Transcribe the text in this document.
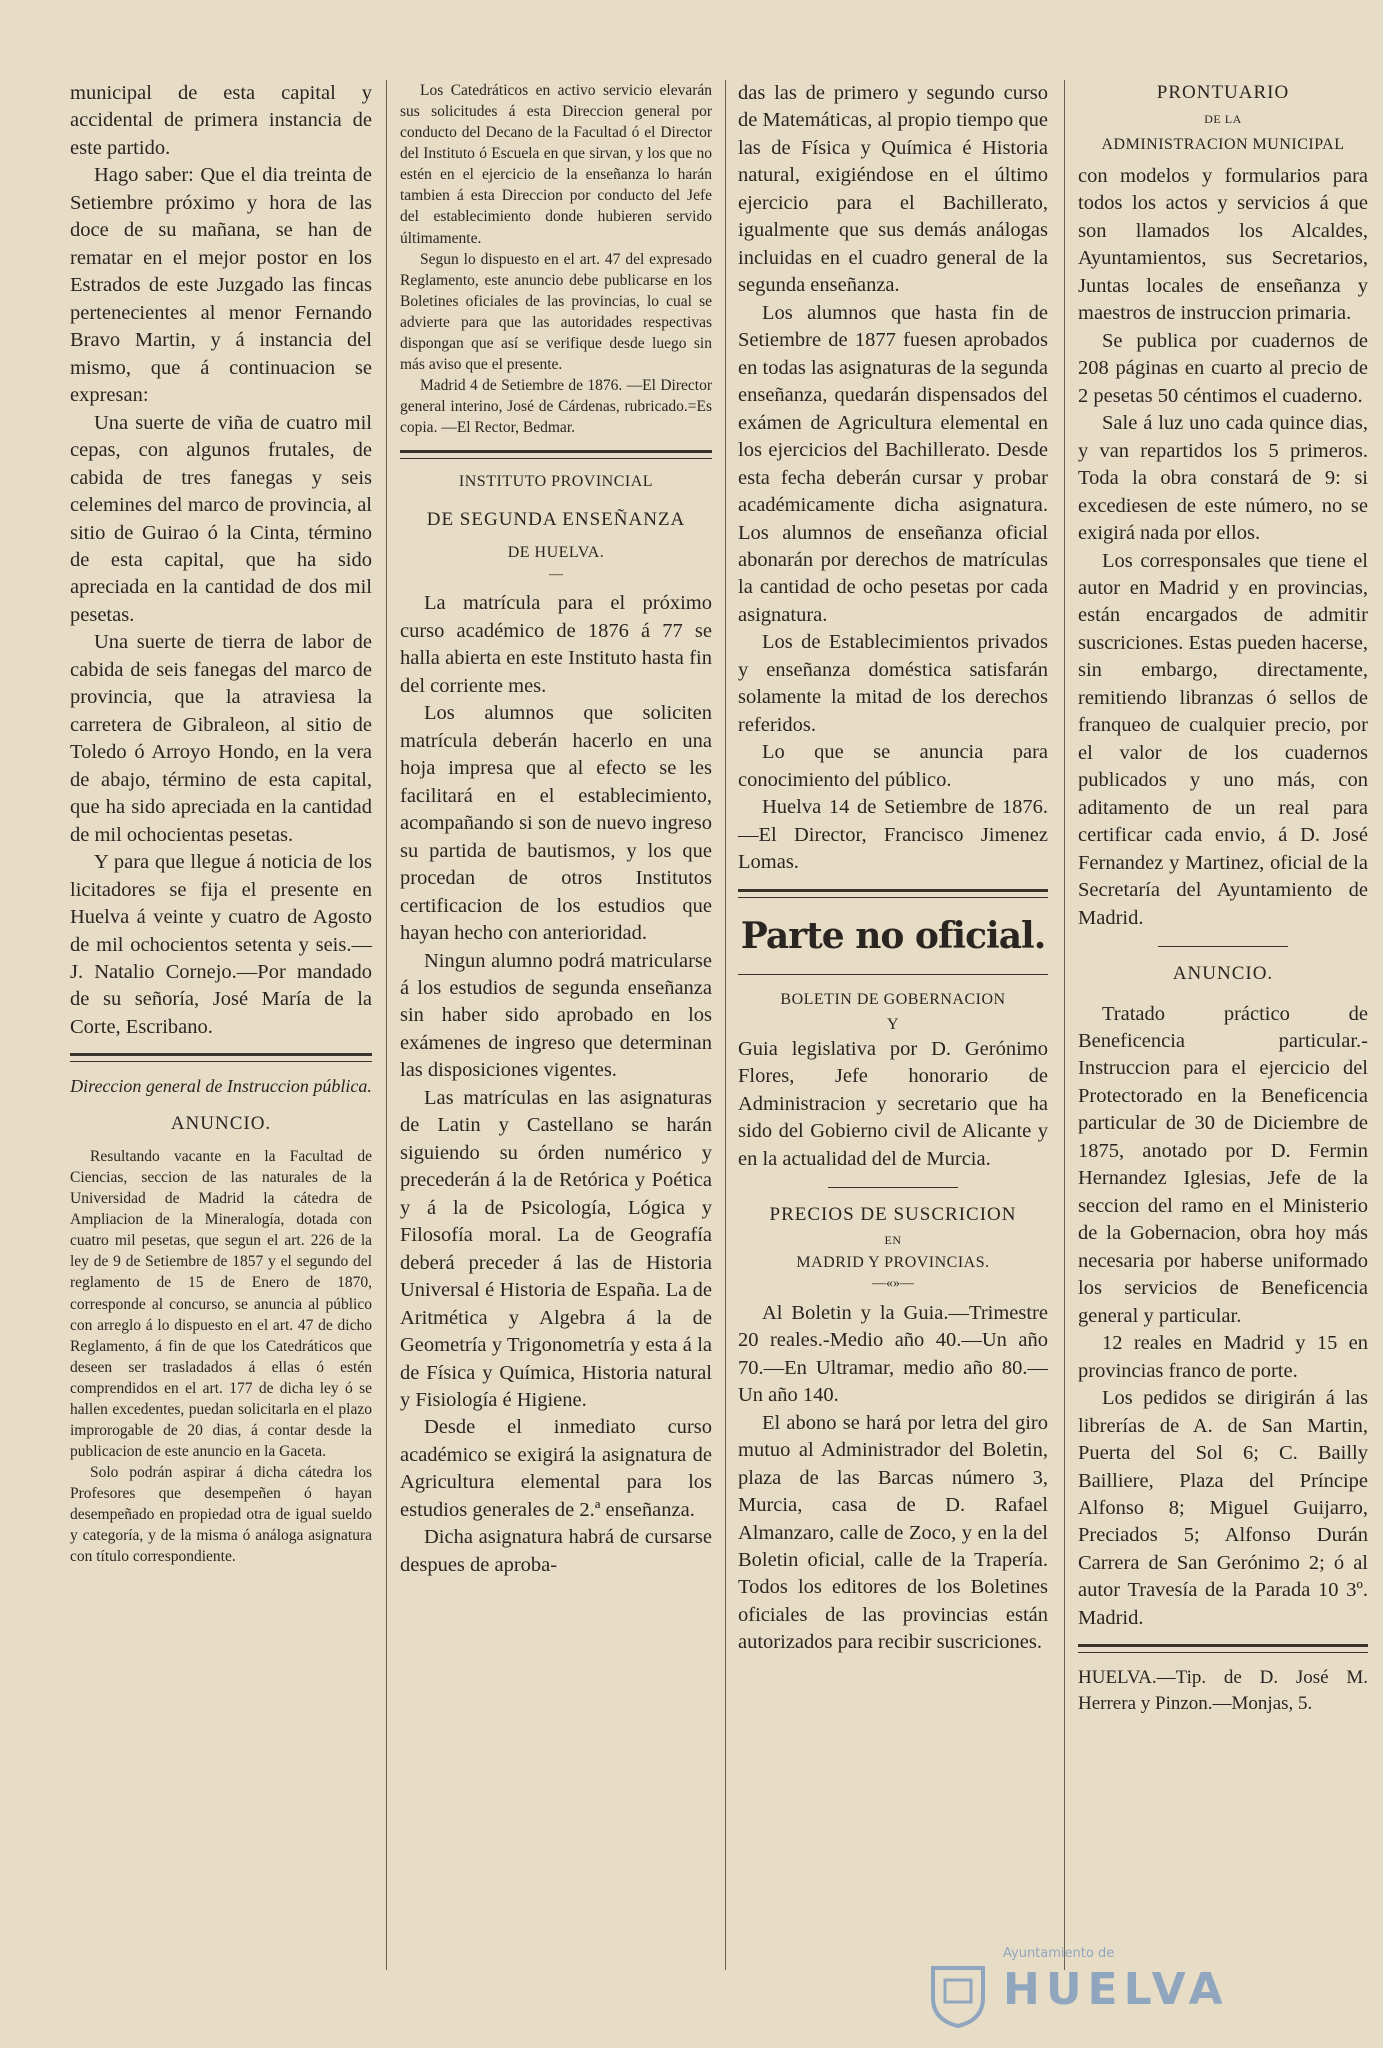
municipal de esta capital y accidental de primera instancia de este partido.

Hago saber: Que el dia treinta de Setiembre próximo y hora de las doce de su mañana, se han de rematar en el mejor postor en los Estrados de este Juzgado las fincas pertenecientes al menor Fernando Bravo Martin, y á instancia del mismo, que á continuacion se expresan:

Una suerte de viña de cuatro mil cepas, con algunos frutales, de cabida de tres fanegas y seis celemines del marco de provincia, al sitio de Guirao ó la Cinta, término de esta capital, que ha sido apreciada en la cantidad de dos mil pesetas.

Una suerte de tierra de labor de cabida de seis fanegas del marco de provincia, que la atraviesa la carretera de Gibraleon, al sitio de Toledo ó Arroyo Hondo, en la vera de abajo, término de esta capital, que ha sido apreciada en la cantidad de mil ochocientas pesetas.

Y para que llegue á noticia de los licitadores se fija el presente en Huelva á veinte y cuatro de Agosto de mil ochocientos setenta y seis.—J. Natalio Cornejo.—Por mandado de su señoría, José María de la Corte, Escribano.

Direccion general de Instruccion pública.

ANUNCIO.

Resultando vacante en la Facultad de Ciencias, seccion de las naturales de la Universidad de Madrid la cátedra de Ampliacion de la Mineralogía, dotada con cuatro mil pesetas, que segun el art. 226 de la ley de 9 de Setiembre de 1857 y el segundo del reglamento de 15 de Enero de 1870, corresponde al concurso, se anuncia al público con arreglo á lo dispuesto en el art. 47 de dicho Reglamento, á fin de que los Catedráticos que deseen ser trasladados á ellas ó estén comprendidos en el art. 177 de dicha ley ó se hallen excedentes, puedan solicitarla en el plazo improrogable de 20 dias, á contar desde la publicacion de este anuncio en la Gaceta.

Solo podrán aspirar á dicha cátedra los Profesores que desempeñen ó hayan desempeñado en propiedad otra de igual sueldo y categoría, y de la misma ó análoga asignatura con título correspondiente.

Los Catedráticos en activo servicio elevarán sus solicitudes á esta Direccion general por conducto del Decano de la Facultad ó el Director del Instituto ó Escuela en que sirvan, y los que no estén en el ejercicio de la enseñanza lo harán tambien á esta Direccion por conducto del Jefe del establecimiento donde hubieren servido últimamente.

Segun lo dispuesto en el art. 47 del expresado Reglamento, este anuncio debe publicarse en los Boletines oficiales de las provincias, lo cual se advierte para que las autoridades respectivas dispongan que así se verifique desde luego sin más aviso que el presente.

Madrid 4 de Setiembre de 1876. —El Director general interino, José de Cárdenas, rubricado.=Es copia. —El Rector, Bedmar.

INSTITUTO PROVINCIAL

DE SEGUNDA ENSEÑANZA

DE HUELVA.

—

La matrícula para el próximo curso académico de 1876 á 77 se halla abierta en este Instituto hasta fin del corriente mes.

Los alumnos que soliciten matrícula deberán hacerlo en una hoja impresa que al efecto se les facilitará en el establecimiento, acompañando si son de nuevo ingreso su partida de bautismos, y los que procedan de otros Institutos certificacion de los estudios que hayan hecho con anterioridad.

Ningun alumno podrá matricularse á los estudios de segunda enseñanza sin haber sido aprobado en los exámenes de ingreso que determinan las disposiciones vigentes.

Las matrículas en las asignaturas de Latin y Castellano se harán siguiendo su órden numérico y precederán á la de Retórica y Poética y á la de Psicología, Lógica y Filosofía moral. La de Geografía deberá preceder á las de Historia Universal é Historia de España. La de Aritmética y Algebra á la de Geometría y Trigonometría y esta á la de Física y Química, Historia natural y Fisiología é Higiene.

Desde el inmediato curso académico se exigirá la asignatura de Agricultura elemental para los estudios generales de 2.ª enseñanza.

Dicha asignatura habrá de cursarse despues de aproba-

das las de primero y segundo curso de Matemáticas, al propio tiempo que las de Física y Química é Historia natural, exigiéndose en el último ejercicio para el Bachillerato, igualmente que sus demás análogas incluidas en el cuadro general de la segunda enseñanza.

Los alumnos que hasta fin de Setiembre de 1877 fuesen aprobados en todas las asignaturas de la segunda enseñanza, quedarán dispensados del exámen de Agricultura elemental en los ejercicios del Bachillerato. Desde esta fecha deberán cursar y probar académicamente dicha asignatura. Los alumnos de enseñanza oficial abonarán por derechos de matrículas la cantidad de ocho pesetas por cada asignatura.

Los de Establecimientos privados y enseñanza doméstica satisfarán solamente la mitad de los derechos referidos.

Lo que se anuncia para conocimiento del público.

Huelva 14 de Setiembre de 1876.—El Director, Francisco Jimenez Lomas.

Parte no oficial.

BOLETIN DE GOBERNACION

Y

Guia legislativa por D. Gerónimo Flores, Jefe honorario de Administracion y secretario que ha sido del Gobierno civil de Alicante y en la actualidad del de Murcia.

PRECIOS DE SUSCRICION

EN

MADRID Y PROVINCIAS.

—«»—

Al Boletin y la Guia.—Trimestre 20 reales.-Medio año 40.—Un año 70.—En Ultramar, medio año 80.—Un año 140.

El abono se hará por letra del giro mutuo al Administrador del Boletin, plaza de las Barcas número 3, Murcia, casa de D. Rafael Almanzaro, calle de Zoco, y en la del Boletin oficial, calle de la Trapería. Todos los editores de los Boletines oficiales de las provincias están autorizados para recibir suscriciones.

PRONTUARIO

DE LA

ADMINISTRACION MUNICIPAL

con modelos y formularios para todos los actos y servicios á que son llamados los Alcaldes, Ayuntamientos, sus Secretarios, Juntas locales de enseñanza y maestros de instruccion primaria.

Se publica por cuadernos de 208 páginas en cuarto al precio de 2 pesetas 50 céntimos el cuaderno.

Sale á luz uno cada quince dias, y van repartidos los 5 primeros. Toda la obra constará de 9: si excediesen de este número, no se exigirá nada por ellos.

Los corresponsales que tiene el autor en Madrid y en provincias, están encargados de admitir suscriciones. Estas pueden hacerse, sin embargo, directamente, remitiendo libranzas ó sellos de franqueo de cualquier precio, por el valor de los cuadernos publicados y uno más, con aditamento de un real para certificar cada envio, á D. José Fernandez y Martinez, oficial de la Secretaría del Ayuntamiento de Madrid.

ANUNCIO.

Tratado práctico de Beneficencia particular.-Instruccion para el ejercicio del Protectorado en la Beneficencia particular de 30 de Diciembre de 1875, anotado por D. Fermin Hernandez Iglesias, Jefe de la seccion del ramo en el Ministerio de la Gobernacion, obra hoy más necesaria por haberse uniformado los servicios de Beneficencia general y particular.

12 reales en Madrid y 15 en provincias franco de porte.

Los pedidos se dirigirán á las librerías de A. de San Martin, Puerta del Sol 6; C. Bailly Bailliere, Plaza del Príncipe Alfonso 8; Miguel Guijarro, Preciados 5; Alfonso Durán Carrera de San Gerónimo 2; ó al autor Travesía de la Parada 10 3º. Madrid.

HUELVA.—Tip. de D. José M. Herrera y Pinzon.—Monjas, 5.

Ayuntamiento de
HUELVA
